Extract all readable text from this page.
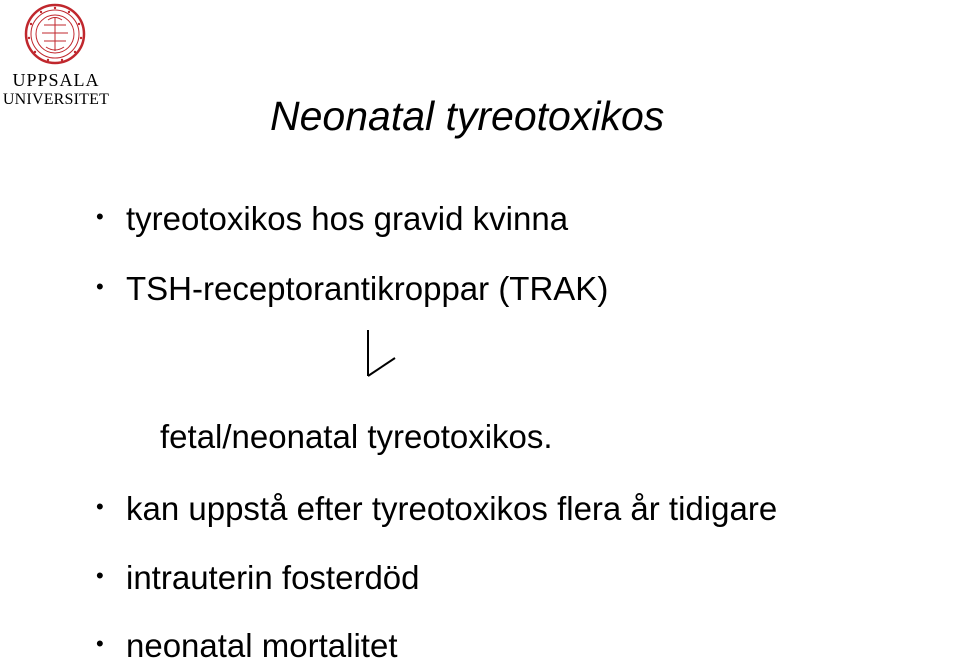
UPPSALA
UNIVERSITET	Neonatal tyreotoxikos
• tyreotoxikos hos gravid kvinna
• TSH-receptorantikroppar (TRAK)
fetal/neonatal tyreotoxikos.
• kan uppstå efter tyreotoxikos flera år tidigare
• intrauterin fosterdöd
• neonatal mortalitet
